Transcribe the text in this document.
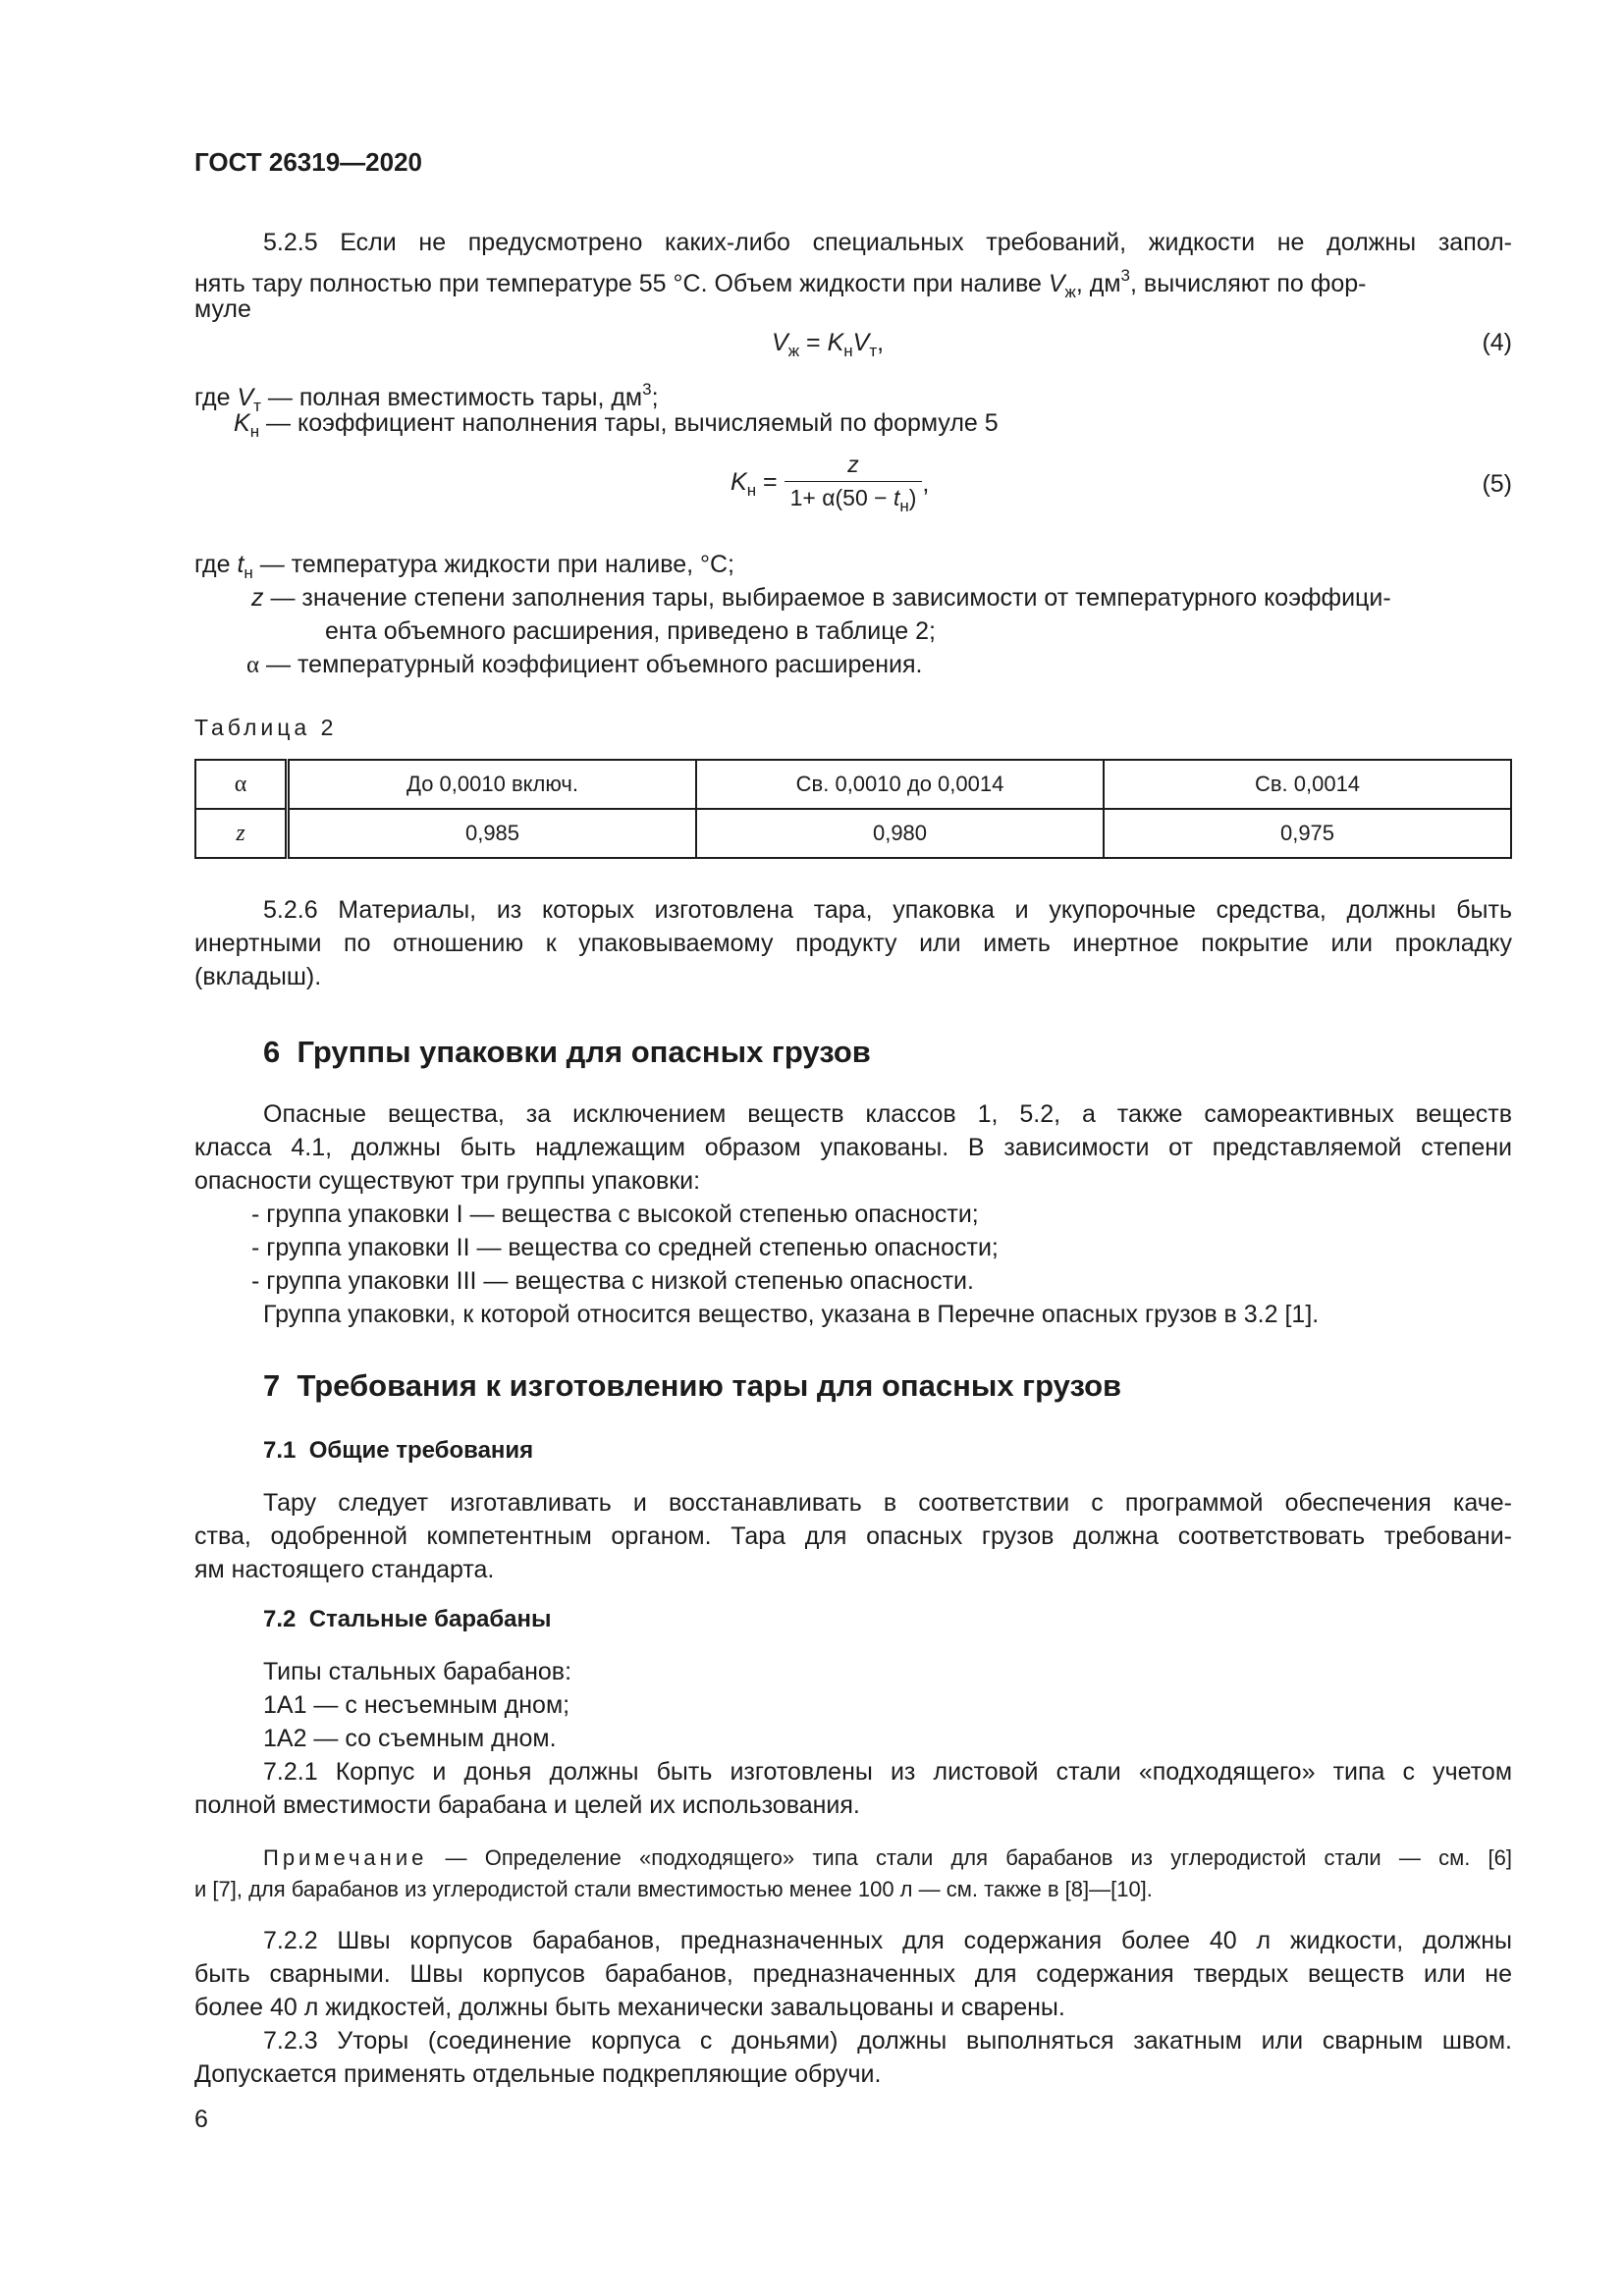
ГОСТ 26319—2020
5.2.5 Если не предусмотрено каких-либо специальных требований, жидкости не должны запол-
нять тару полностью при температуре 55 °С. Объем жидкости при наливе $V_ж$, $дм^3$, вычисляют по фор-
муле
$V_ж = K_нV_т$,	(4)
где $V_т$ — полная вместимость тары, $дм^3$;
$K_н$ — коэффициент наполнения тары, вычисляемый по формуле 5
$K_н = \frac{z}{1+ \alpha(50 - t_н)}$ ,	(5)
где $t_н$ — температура жидкости при наливе, °С;
z — значение степени заполнения тары, выбираемое в зависимости от температурного коэффици-
ента объемного расширения, приведено в таблице 2;
α — температурный коэффициент объемного расширения.
Таблица 2
α	До 0,0010 включ.	Св. 0,0010 до 0,0014	Св. 0,0014
z	0,985	0,980	0,975
5.2.6 Материалы, из которых изготовлена тара, упаковка и укупорочные средства, должны быть
инертными по отношению к упаковываемому продукту или иметь инертное покрытие или прокладку
(вкладыш).
6  Группы упаковки для опасных грузов
Опасные вещества, за исключением веществ классов 1, 5.2, а также самореактивных веществ
класса 4.1, должны быть надлежащим образом упакованы. В зависимости от представляемой степени
опасности существуют три группы упаковки:
- группа упаковки I — вещества с высокой степенью опасности;
- группа упаковки II — вещества со средней степенью опасности;
- группа упаковки III — вещества с низкой степенью опасности.
Группа упаковки, к которой относится вещество, указана в Перечне опасных грузов в 3.2 [1].
7  Требования к изготовлению тары для опасных грузов
7.1  Общие требования
Тару следует изготавливать и восстанавливать в соответствии с программой обеспечения каче-
ства, одобренной компетентным органом. Тара для опасных грузов должна соответствовать требовани-
ям настоящего стандарта.
7.2  Стальные барабаны
Типы стальных барабанов:
1А1 — с несъемным дном;
1А2 — со съемным дном.
7.2.1 Корпус и донья должны быть изготовлены из листовой стали «подходящего» типа с учетом
полной вместимости барабана и целей их использования.
Примечание — Определение «подходящего» типа стали для барабанов из углеродистой стали — см. [6]
и [7], для барабанов из углеродистой стали вместимостью менее 100 л — см. также в [8]—[10].
7.2.2 Швы корпусов барабанов, предназначенных для содержания более 40 л жидкости, должны
быть сварными. Швы корпусов барабанов, предназначенных для содержания твердых веществ или не
более 40 л жидкостей, должны быть механически завальцованы и сварены.
7.2.3 Уторы (соединение корпуса с доньями) должны выполняться закатным или сварным швом.
Допускается применять отдельные подкрепляющие обручи.
6
